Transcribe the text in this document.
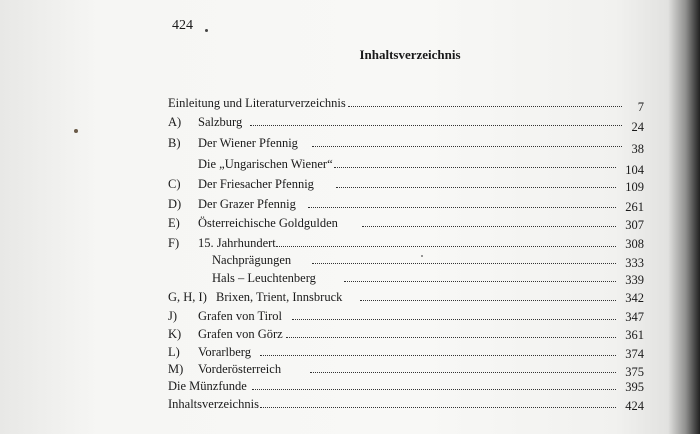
424
Inhaltsverzeichnis
Einleitung und Literaturverzeichnis	7
A) Salzburg	24
B) Der Wiener Pfennig	38
Die „Ungarischen Wiener“	104
C) Der Friesacher Pfennig	109
D) Der Grazer Pfennig	261
E) Österreichische Goldgulden	307
F) 15. Jahrhundert	308
Nachprägungen	333
Hals – Leuchtenberg	339
G, H, I) Brixen, Trient, Innsbruck	342
J) Grafen von Tirol	347
K) Grafen von Görz	361
L) Vorarlberg	374
M) Vorderösterreich	375
Die Münzfunde	395
Inhaltsverzeichnis	424
